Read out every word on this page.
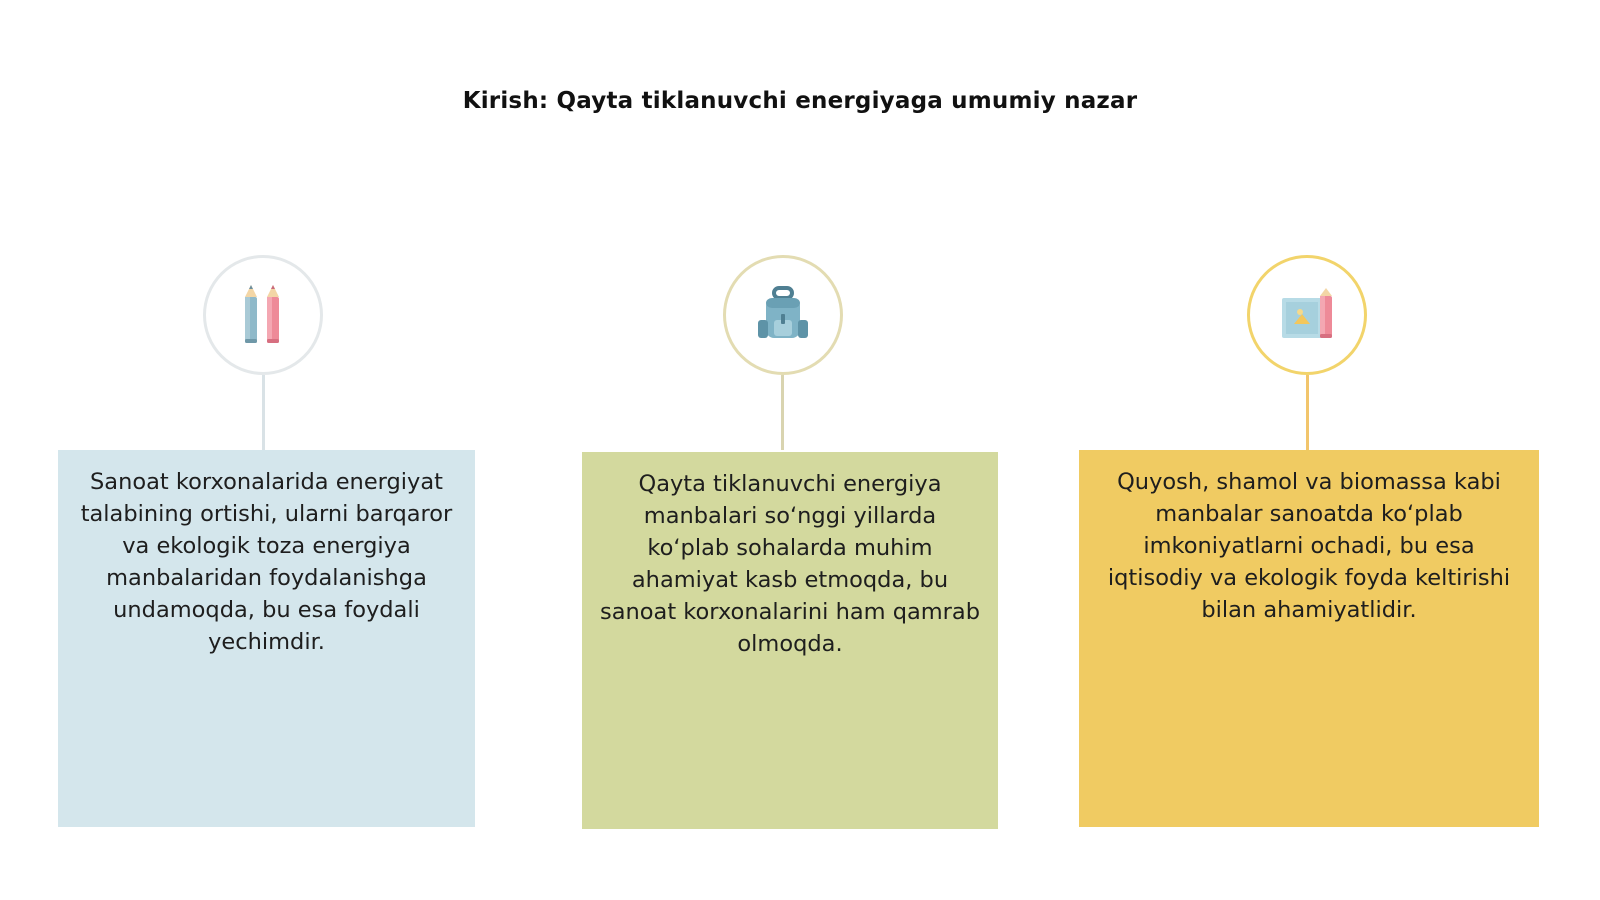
Kirish: Qayta tiklanuvchi energiyaga umumiy nazar
Sanoat korxonalarida energiyat talabining ortishi, ularni barqaror va ekologik toza energiya manbalaridan foydalanishga undamoqda, bu esa foydali yechimdir.
Qayta tiklanuvchi energiya manbalari so‘nggi yillarda ko‘plab sohalarda muhim ahamiyat kasb etmoqda, bu sanoat korxonalarini ham qamrab olmoqda.
Quyosh, shamol va biomassa kabi manbalar sanoatda ko‘plab imkoniyatlarni ochadi, bu esa iqtisodiy va ekologik foyda keltirishi bilan ahamiyatlidir.
